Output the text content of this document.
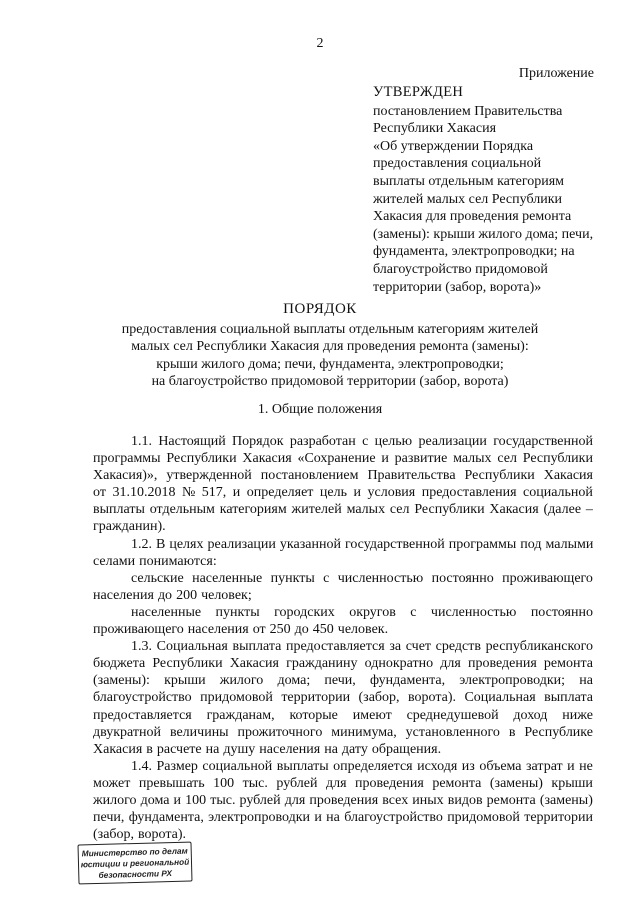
2
Приложение
УТВЕРЖДЕН
постановлением Правительства
Республики Хакасия
«Об утверждении Порядка
предоставления социальной
выплаты отдельным категориям
жителей малых сел Республики
Хакасия для проведения ремонта
(замены): крыши жилого дома; печи,
фундамента, электропроводки; на
благоустройство придомовой
территории (забор, ворота)»
ПОРЯДОК
предоставления социальной выплаты отдельным категориям жителей
малых сел Республики Хакасия для проведения ремонта (замены):
крыши жилого дома; печи, фундамента, электропроводки;
на благоустройство придомовой территории (забор, ворота)
1. Общие положения
1.1. Настоящий Порядок разработан с целью реализации государственной
программы Республики Хакасия «Сохранение и развитие малых сел Республики
Хакасия)», утвержденной постановлением Правительства Республики Хакасия
от 31.10.2018 № 517, и определяет цель и условия предоставления социальной
выплаты отдельным категориям жителей малых сел Республики Хакасия (далее –
гражданин).
1.2. В целях реализации указанной государственной программы под малыми
селами понимаются:
сельские населенные пункты с численностью постоянно проживающего
населения до 200 человек;
населенные пункты городских округов с численностью постоянно
проживающего населения от 250 до 450 человек.
1.3. Социальная выплата предоставляется за счет средств республиканского
бюджета Республики Хакасия гражданину однократно для проведения ремонта
(замены): крыши жилого дома; печи, фундамента, электропроводки; на
благоустройство придомовой территории (забор, ворота). Социальная выплата
предоставляется гражданам, которые имеют среднедушевой доход ниже
двукратной величины прожиточного минимума, установленного в Республике
Хакасия в расчете на душу населения на дату обращения.
1.4. Размер социальной выплаты определяется исходя из объема затрат и не
может превышать 100 тыс. рублей для проведения ремонта (замены) крыши
жилого дома и 100 тыс. рублей для проведения всех иных видов ремонта (замены)
печи, фундамента, электропроводки и на благоустройство придомовой территории
(забор, ворота).
Министерство по делам
юстиции и региональной
безопасности РХ
